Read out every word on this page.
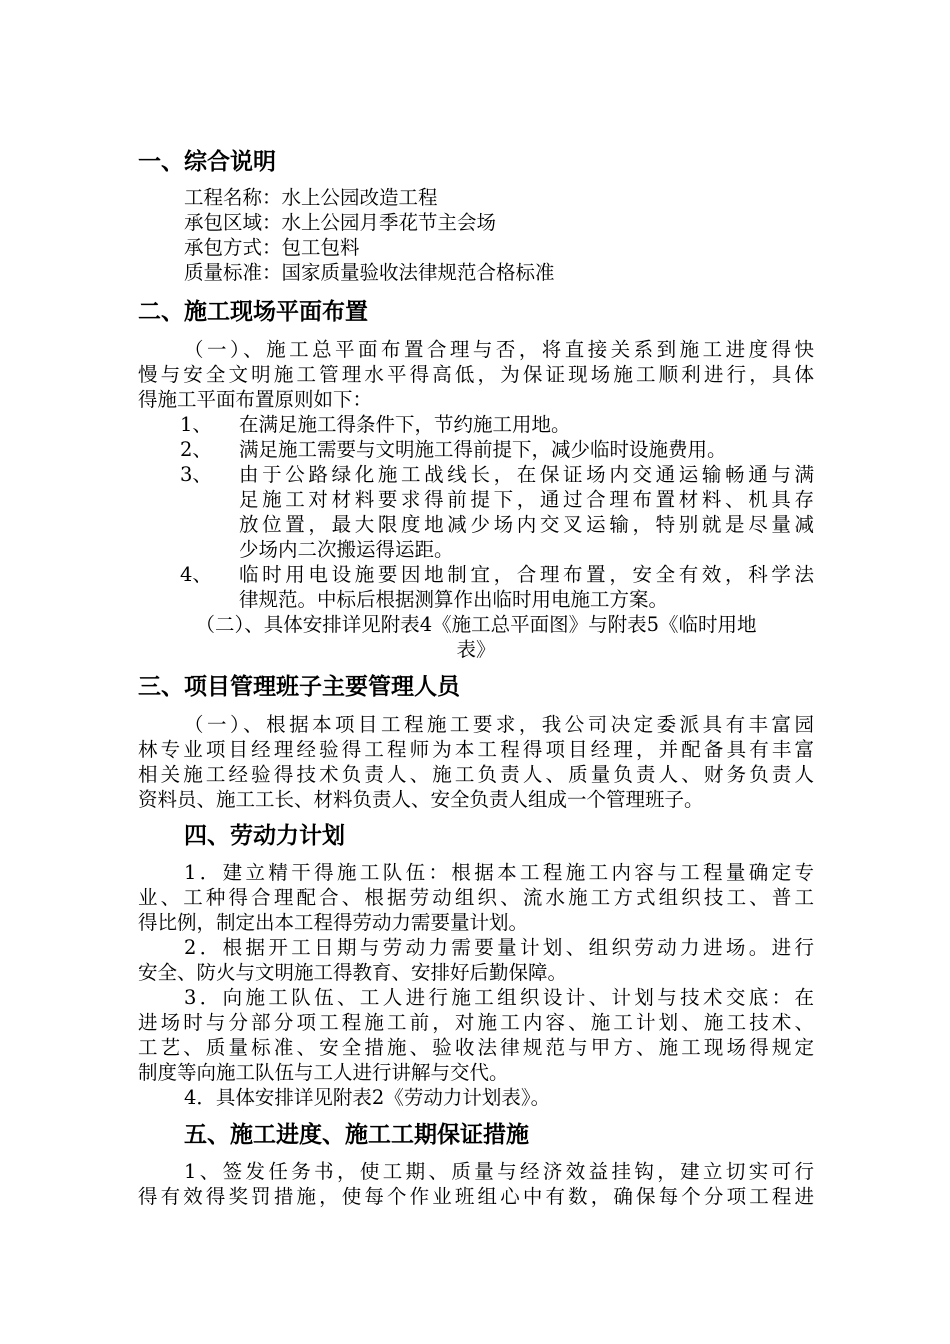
一、综合说明
工程名称：水上公园改造工程
承包区域：水上公园月季花节主会场
承包方式：包工包料
质量标准：国家质量验收法律规范合格标准
二、施工现场平面布置
（一）、施工总平面布置合理与否，将直接关系到施工进度得快
慢与安全文明施工管理水平得高低，为保证现场施工顺利进行，具体
得施工平面布置原则如下：
1、 在满足施工得条件下，节约施工用地。
2、 满足施工需要与文明施工得前提下，减少临时设施费用。
3、 由于公路绿化施工战线长，在保证场内交通运输畅通与满
足施工对材料要求得前提下，通过合理布置材料、机具存
放位置，最大限度地减少场内交叉运输，特别就是尽量减
少场内二次搬运得运距。
4、 临时用电设施要因地制宜，合理布置，安全有效，科学法
律规范。中标后根据测算作出临时用电施工方案。
（二）、具体安排详见附表4《施工总平面图》与附表5《临时用地
表》
三、项目管理班子主要管理人员
（一）、根据本项目工程施工要求，我公司决定委派具有丰富园
林专业项目经理经验得工程师为本工程得项目经理，并配备具有丰富
相关施工经验得技术负责人、施工负责人、质量负责人、财务负责人
资料员、施工工长、材料负责人、安全负责人组成一个管理班子。
四、劳动力计划
1．建立精干得施工队伍：根据本工程施工内容与工程量确定专
业、工种得合理配合、根据劳动组织、流水施工方式组织技工、普工
得比例，制定出本工程得劳动力需要量计划。
2．根据开工日期与劳动力需要量计划、组织劳动力进场。进行
安全、防火与文明施工得教育、安排好后勤保障。
3．向施工队伍、工人进行施工组织设计、计划与技术交底：在
进场时与分部分项工程施工前，对施工内容、施工计划、施工技术、
工艺、质量标准、安全措施、验收法律规范与甲方、施工现场得规定
制度等向施工队伍与工人进行讲解与交代。
4．具体安排详见附表2《劳动力计划表》。
五、施工进度、施工工期保证措施
1、签发任务书，使工期、质量与经济效益挂钩，建立切实可行
得有效得奖罚措施，使每个作业班组心中有数，确保每个分项工程进
